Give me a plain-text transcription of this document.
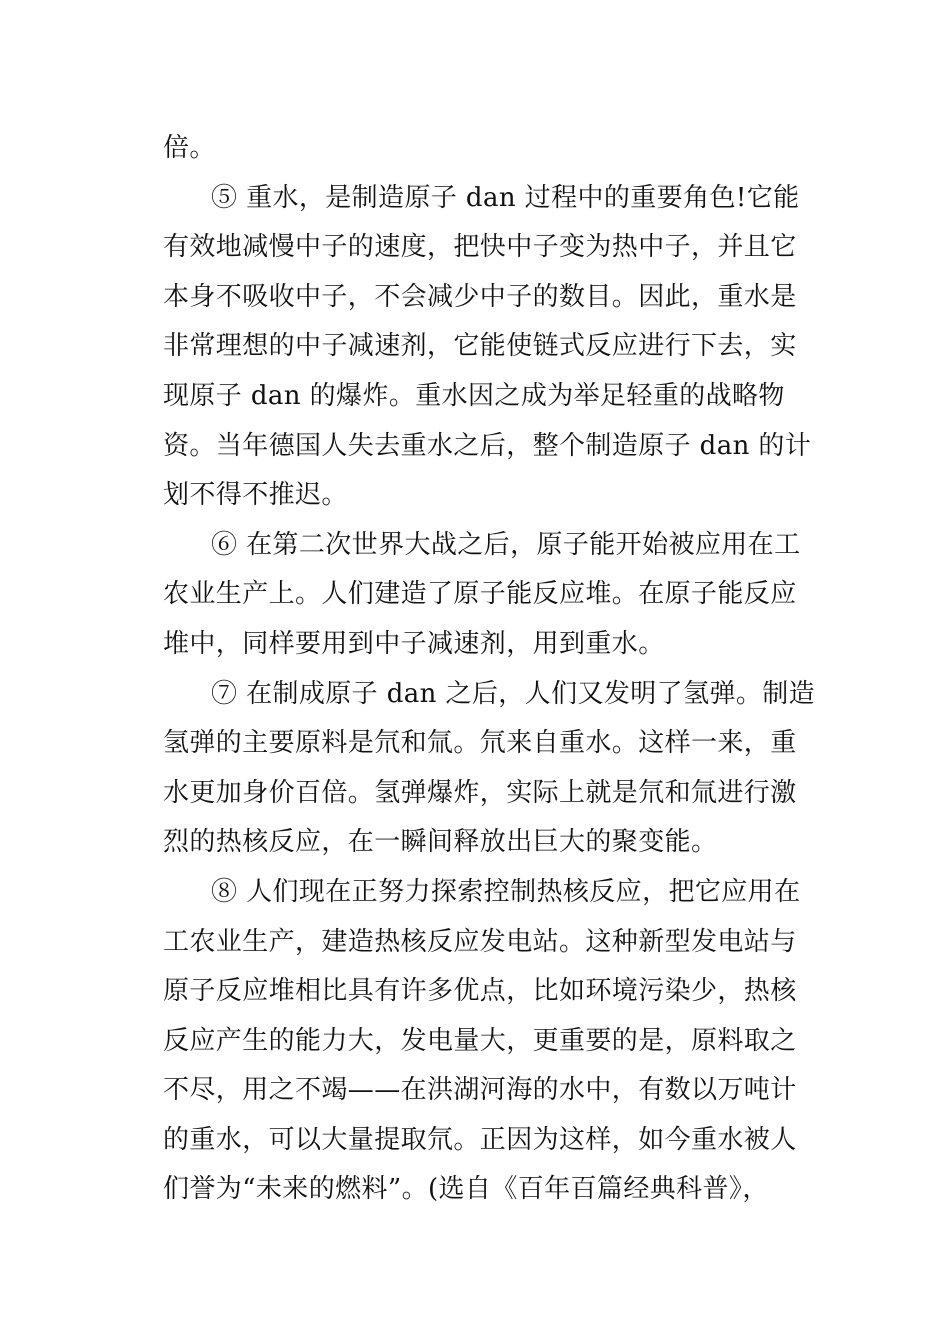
倍。
⑤ 重水，是制造原子 dan 过程中的重要角色!它能
有效地减慢中子的速度，把快中子变为热中子，并且它
本身不吸收中子，不会减少中子的数目。因此，重水是
非常理想的中子减速剂，它能使链式反应进行下去，实
现原子 dan 的爆炸。重水因之成为举足轻重的战略物
资。当年德国人失去重水之后，整个制造原子 dan 的计
划不得不推迟。
⑥ 在第二次世界大战之后，原子能开始被应用在工
农业生产上。人们建造了原子能反应堆。在原子能反应
堆中，同样要用到中子减速剂，用到重水。
⑦ 在制成原子 dan 之后，人们又发明了氢弹。制造
氢弹的主要原料是氘和氚。氘来自重水。这样一来，重
水更加身价百倍。氢弹爆炸，实际上就是氘和氚进行激
烈的热核反应，在一瞬间释放出巨大的聚变能。
⑧ 人们现在正努力探索控制热核反应，把它应用在
工农业生产，建造热核反应发电站。这种新型发电站与
原子反应堆相比具有许多优点，比如环境污染少，热核
反应产生的能力大，发电量大，更重要的是，原料取之
不尽，用之不竭——在洪湖河海的水中，有数以万吨计
的重水，可以大量提取氘。正因为这样，如今重水被人
们誉为“未来的燃料”。(选自《百年百篇经典科普》，
